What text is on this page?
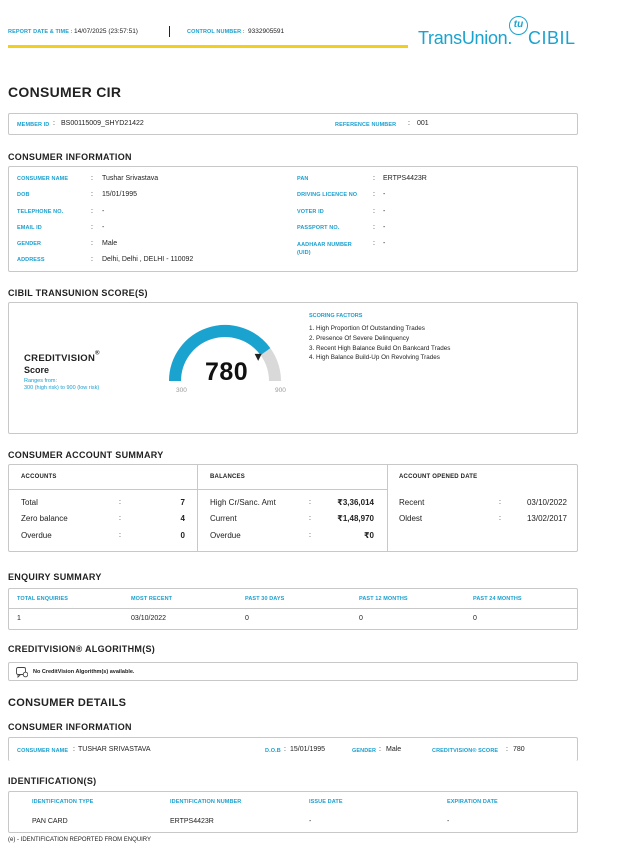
REPORT DATE & TIME : 14/07/2025 (23:57:51)	CONTROL NUMBER : 9332905591	TransUnion. CIBIL
tu
CONSUMER CIR
MEMBER ID : BS00115009_SHYD21422	REFERENCE NUMBER : 001
CONSUMER INFORMATION
CONSUMER NAME	: Tushar Srivastava
DOB	: 15/01/1995
TELEPHONE NO.	: -
EMAIL ID	: -
GENDER	: Male
ADDRESS	: Delhi, Delhi , DELHI - 110092
PAN	: ERTPS4423R
DRIVING LICENCE NO : -
VOTER ID	: -
PASSPORT NO.	: -
AADHAAR NUMBER (UID)
: -
CIBIL TRANSUNION SCORE(S)
CREDITVISION®
Score
Ranges from:
300 (high risk) to 900 (low risk)
780
300	900
SCORING FACTORS
1. High Proportion Of Outstanding Trades
2. Presence Of Severe Delinquency
3. Recent High Balance Build On Bankcard Trades
4. High Balance Build-Up On Revolving Trades
CONSUMER ACCOUNT SUMMARY
ACCOUNTS
Total	:	7
Zero balance	:	4
Overdue	:	0
BALANCES
High Cr/Sanc. Amt	:	₹3,36,014
Current	:	₹1,48,970
Overdue	:	₹0
ACCOUNT OPENED DATE
Recent	:	03/10/2022
Oldest	:	13/02/2017
ENQUIRY SUMMARY
TOTAL ENQUIRIES	MOST RECENT	PAST 30 DAYS	PAST 12 MONTHS	PAST 24 MONTHS
1	03/10/2022	0	0	0
CREDITVISION® ALGORITHM(S)
No CreditVision Algorithm(s) available.
CONSUMER DETAILS
CONSUMER INFORMATION
CONSUMER NAME : TUSHAR SRIVASTAVA	D.O.B : 15/01/1995	GENDER : Male	CREDITVISION® SCORE : 780
IDENTIFICATION(S)
IDENTIFICATION TYPE	IDENTIFICATION NUMBER	ISSUE DATE	EXPIRATION DATE
PAN CARD	ERTPS4423R	-	-
(e) - IDENTIFICATION REPORTED FROM ENQUIRY
